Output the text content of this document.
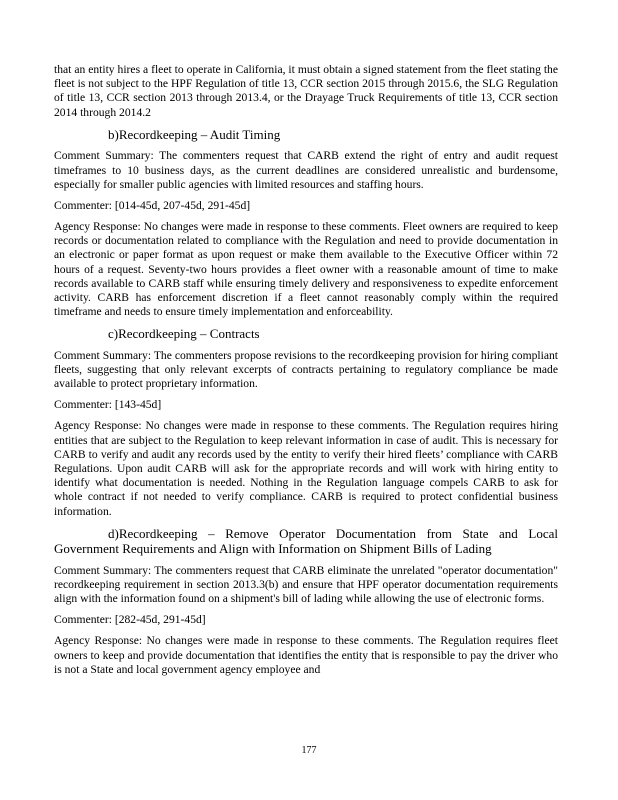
that an entity hires a fleet to operate in California, it must obtain a signed statement from the fleet stating the fleet is not subject to the HPF Regulation of title 13, CCR section 2015 through 2015.6, the SLG Regulation of title 13, CCR section 2013 through 2013.4, or the Drayage Truck Requirements of title 13, CCR section 2014 through 2014.2

b)Recordkeeping – Audit Timing

Comment Summary: The commenters request that CARB extend the right of entry and audit request timeframes to 10 business days, as the current deadlines are considered unrealistic and burdensome, especially for smaller public agencies with limited resources and staffing hours.

Commenter: [014-45d, 207-45d, 291-45d]

Agency Response: No changes were made in response to these comments. Fleet owners are required to keep records or documentation related to compliance with the Regulation and need to provide documentation in an electronic or paper format as upon request or make them available to the Executive Officer within 72 hours of a request. Seventy-two hours provides a fleet owner with a reasonable amount of time to make records available to CARB staff while ensuring timely delivery and responsiveness to expedite enforcement activity. CARB has enforcement discretion if a fleet cannot reasonably comply within the required timeframe and needs to ensure timely implementation and enforceability.

c)Recordkeeping – Contracts

Comment Summary: The commenters propose revisions to the recordkeeping provision for hiring compliant fleets, suggesting that only relevant excerpts of contracts pertaining to regulatory compliance be made available to protect proprietary information.

Commenter: [143-45d]

Agency Response: No changes were made in response to these comments. The Regulation requires hiring entities that are subject to the Regulation to keep relevant information in case of audit. This is necessary for CARB to verify and audit any records used by the entity to verify their hired fleets’ compliance with CARB Regulations. Upon audit CARB will ask for the appropriate records and will work with hiring entity to identify what documentation is needed. Nothing in the Regulation language compels CARB to ask for whole contract if not needed to verify compliance. CARB is required to protect confidential business information.

d)Recordkeeping – Remove Operator Documentation from State and Local Government Requirements and Align with Information on Shipment Bills of Lading

Comment Summary: The commenters request that CARB eliminate the unrelated "operator documentation" recordkeeping requirement in section 2013.3(b) and ensure that HPF operator documentation requirements align with the information found on a shipment's bill of lading while allowing the use of electronic forms.

Commenter: [282-45d, 291-45d]

Agency Response: No changes were made in response to these comments. The Regulation requires fleet owners to keep and provide documentation that identifies the entity that is responsible to pay the driver who is not a State and local government agency employee and

177
